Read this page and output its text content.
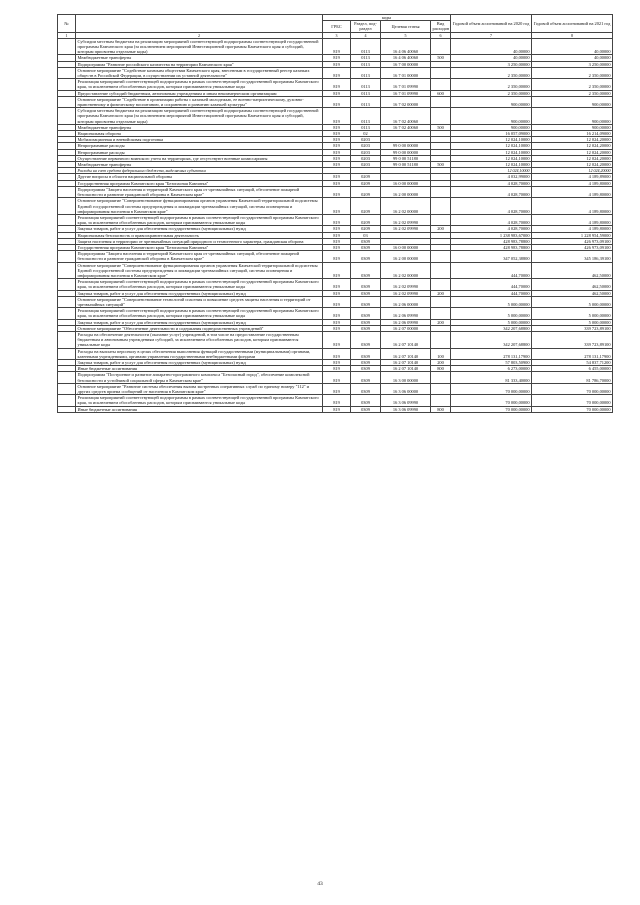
№		коды				Годовой объем ассигнований на 2020 год	Годовой объем ассигнований на 2021 год
		ГРБС	Раздел, под-раздел	Целевая статья	Вид расходов		
1	2	3	4	5	6	7	8
	Субсидии местным бюджетам на реализацию мероприятий соответствующей подпрограммы соответствующей государственной программы Камчатского края (за исключением мероприятий Инвестиционной программы Камчатского края и субсидий, которым присвоены отдельные коды)	819	0113	16 4 06 40060		40,00000	40,00000
	Межбюджетные трансферты	819	0113	16 4 06 40060	500	40,00000	40,00000
	Подпрограмма "Развитие российского казачества на территории Камчатского края"	819	0113	16 7 00 00000		3 250,00000	3 250,00000
	Основное мероприятие "Содействие казачьим обществам Камчатского края, внесенным в государственный реестр казачьих обществ в Российской Федерации, в осуществлении их уставной деятельности"	819	0113	16 7 01 00000		2 350,00000	2 350,00000
	Реализация мероприятий соответствующей подпрограммы в рамках соответствующей государственной программы Камчатского края, за исключением обособленных расходов, которым присваиваются уникальные коды	819	0113	16 7 01 09990		2 350,00000	2 350,00000
	Предоставление субсидий бюджетным, автономным учреждениям и иным некоммерческим организациям	819	0113	16 7 01 09990	600	2 350,00000	2 350,00000
	Основное мероприятие "Содействие в организации работы с казачьей молодежью, ее военно-патриотическому, духовно-нравственному и физическому воспитанию, и сохранению и развитию казачьей культуры"	819	0113	16 7 02 00000		900,00000	900,00000
	Субсидии местным бюджетам на реализацию мероприятий соответствующей подпрограммы соответствующей государственной программы Камчатского края (за исключением мероприятий Инвестиционной программы Камчатского края и субсидий, которым присвоены отдельные коды)	819	0113	16 7 02 40060		900,00000	900,00000
	Межбюджетные трансферты	819	0113	16 7 02 40060	500	900,00000	900,00000
	Национальная оборона	819	02			16 057,09000	16 214,09000
	Мобилизационная и вневойсковая подготовка	819	0203			12 024,10000	12 024,20000
	Непрограммные расходы	819	0203	99 0 00 00000		12 024,10000	12 024,20000
	Непрограммные расходы	819	0203	99 0 00 00000		12 024,10000	12 024,20000
	Осуществление первичного воинского учета на территориях, где отсутствуют военные комиссариаты	819	0203	99 0 00 51180		12 024,10000	12 024,20000
	Межбюджетные трансферты	819	0203	99 0 00 51180	500	12 024,10000	12 024,20000
	Расходы на счет средств федерального бюджета, выделяемых субъектам					12 024,10000	12 024,20000
	Другие вопросы в области национальной обороны	819	0209			4 032,99000	4 189,89000
	Государственная программа Камчатского края "Безопасная Камчатка"	819	0209	16 0 00 00000		4 028,70000	4 189,80000
	Подпрограмма "Защита населения и территорий Камчатского края от чрезвычайных ситуаций, обеспечение пожарной безопасности и развитие гражданской обороны в Камчатском крае"	819	0209	16 2 00 00000		4 028,70000	4 189,80000
	Основное мероприятие "Совершенствование функционирования органов управления Камчатской территориальной подсистемы Единой государственной системы предупреждения и ликвидации чрезвычайных ситуаций, системы оповещения и информирования населения в Камчатском крае"	819	0209	16 2 02 00000		4 028,70000	4 189,80000
	Реализация мероприятий соответствующей подпрограммы в рамках соответствующей государственной программы Камчатского края, за исключением обособленных расходов, которым присваиваются уникальные коды	819	0209	16 2 02 09990		4 028,70000	4 189,80000
	Закупка товаров, работ и услуг для обеспечения государственных (муниципальных) нужд	819	0209	16 2 02 09990	200	4 028,70000	4 189,80000
	Национальная безопасность и правоохранительная деятельность	819	03			1 238 983,67000	1 228 954,59000
	Защита населения и территории от чрезвычайных ситуаций природного и техногенного характера, гражданская оборона	819	0309			428 983,78800	426 973,09100
	Государственная программа Камчатского края "Безопасная Камчатка"	819	0309	16 0 00 00000		428 983,78800	426 973,09100
	Подпрограмма "Защита населения и территорий Камчатского края от чрезвычайных ситуаций, обеспечение пожарной безопасности и развитие гражданской обороны в Камчатском крае"	819	0309	16 2 00 00000		347 052,38800	345 186,39100
	Основное мероприятие "Совершенствование функционирования органов управления Камчатской территориальной подсистемы Единой государственной системы предупреждения и ликвидации чрезвычайных ситуаций, системы оповещения и информирования населения в Камчатском крае"	819	0309	16 2 02 00000		444,70000	462,50000
	Реализация мероприятий соответствующей подпрограммы в рамках соответствующей государственной программы Камчатского края, за исключением обособленных расходов, которым присваиваются уникальные коды	819	0309	16 2 02 09990		444,70000	462,50000
	Закупка товаров, работ и услуг для обеспечения государственных (муниципальных) нужд	819	0309	16 2 02 09990	200	444,70000	462,50000
	Основное мероприятие "Совершенствование технологий спасения и повышение средств защиты населения и территорий от чрезвычайных ситуаций"	819	0309	16 2 06 00000		5 000,00000	5 000,00000
	Реализация мероприятий соответствующей подпрограммы в рамках соответствующей государственной программы Камчатского края, за исключением обособленных расходов, которым присваиваются уникальные коды	819	0309	16 2 06 09990		5 000,00000	5 000,00000
	Закупка товаров, работ и услуг для обеспечения государственных (муниципальных) нужд	819	0309	16 2 06 09990	200	5 000,00000	5 000,00000
	Основное мероприятие "Обеспечение деятельности и содержания подведомственных учреждений"	819	0309	16 2 07 00000		342 207,68800	339 723,89100
	Расходы на обеспечение деятельности (оказание услуг) учреждений, в том числе на предоставление государственным бюджетным и автономным учреждениям субсидий, за исключением обособленных расходов, которым присваиваются уникальные коды	819	0309	16 2 07 10140		342 207,68800	339 723,89100
	Расходы на выплаты персоналу в целях обеспечения выполнения функций государственными (муниципальными) органами, казенными учреждениями, органами управления государственными внебюджетными фондами	819	0309	16 2 07 10140	100	278 131,17900	278 131,17900
	Закупка товаров, работ и услуг для обеспечения государственных (муниципальных) нужд	819	0309	16 2 07 10140	200	57 803,50900	54 837,71200
	Иные бюджетные ассигнования	819	0309	16 2 07 10140	800	6 273,00000	6 455,00000
	Подпрограмма "Построение и развитие аппаратно-программного комплекса "Безопасный город", обеспечение комплексной безопасности и устойчивой социальной сферы в Камчатском крае"	819	0309	16 3 00 00000		81 333,40000	81 786,70000
	Основное мероприятие "Развитие системы обеспечения вызова экстренных оперативных служб по единому номеру "112" и других средств приема сообщений от населения в Камчатском крае"	819	0309	16 3 06 00000		70 000,00000	70 000,00000
	Реализация мероприятий соответствующей подпрограммы в рамках соответствующей государственной программы Камчатского края, за исключением обособленных расходов, которым присваиваются уникальные коды	819	0309	16 3 06 09990		70 000,00000	70 000,00000
	Иные бюджетные ассигнования	819	0309	16 3 06 09990	800	70 000,00000	70 000,00000
43
